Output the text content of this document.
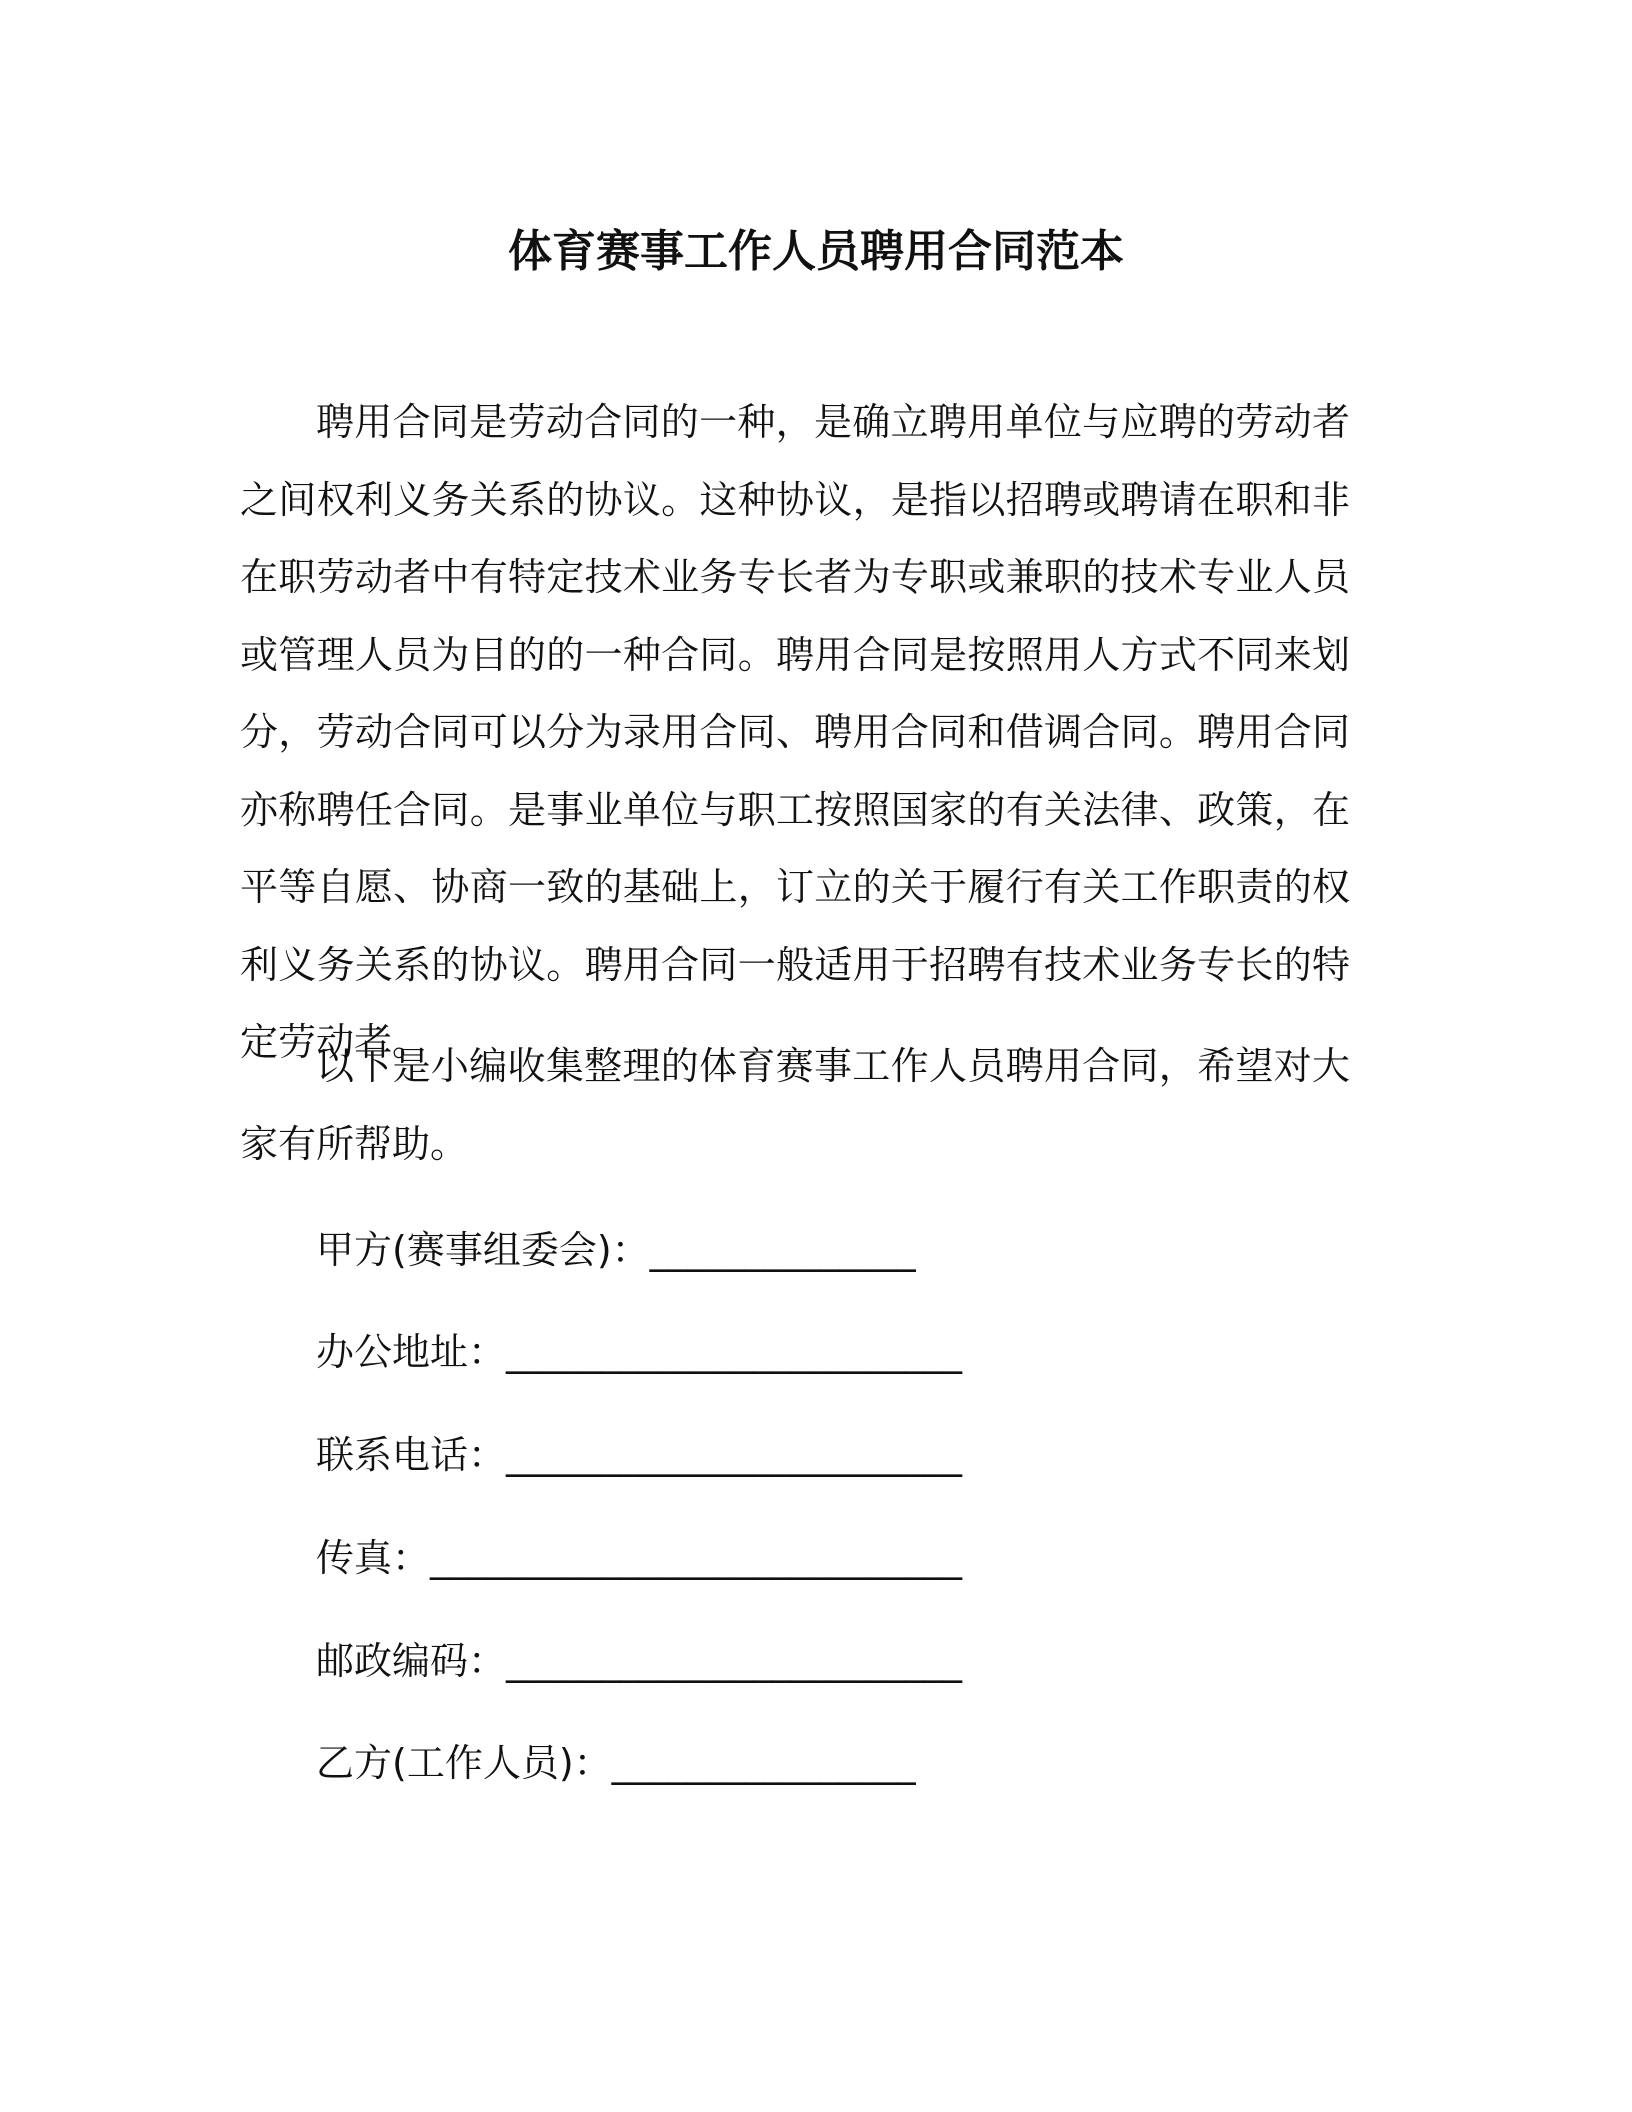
体育赛事工作人员聘用合同范本

聘用合同是劳动合同的一种，是确立聘用单位与应聘的劳动者之间权利义务关系的协议。这种协议，是指以招聘或聘请在职和非在职劳动者中有特定技术业务专长者为专职或兼职的技术专业人员或管理人员为目的的一种合同。聘用合同是按照用人方式不同来划分，劳动合同可以分为录用合同、聘用合同和借调合同。聘用合同亦称聘任合同。是事业单位与职工按照国家的有关法律、政策，在平等自愿、协商一致的基础上，订立的关于履行有关工作职责的权利义务关系的协议。聘用合同一般适用于招聘有技术业务专长的特定劳动者。

以下是小编收集整理的体育赛事工作人员聘用合同，希望对大家有所帮助。

甲方(赛事组委会)：______________
办公地址：________________________
联系电话：________________________
传真：____________________________
邮政编码：________________________
乙方(工作人员)：________________
